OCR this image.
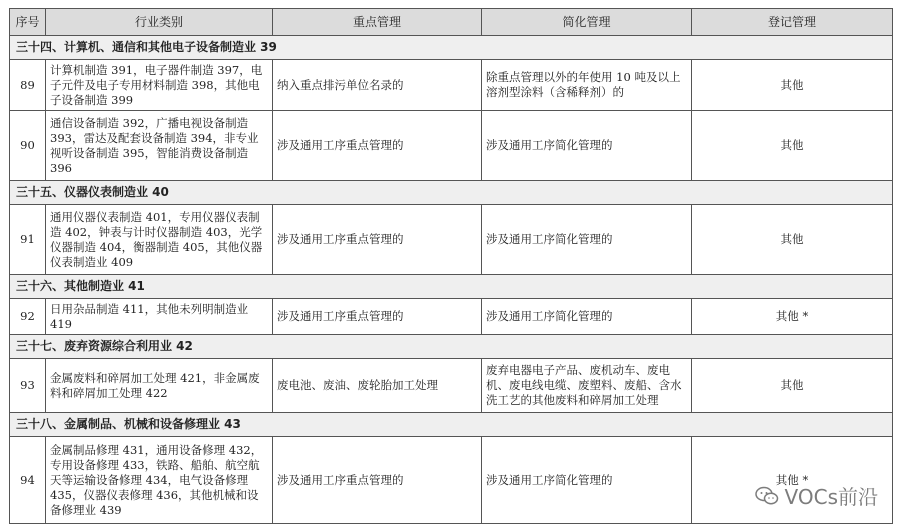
序号	行业类别	重点管理	简化管理	登记管理
三十四、计算机、通信和其他电子设备制造业 39				
89	计算机制造 391，电子器件制造 397，电子元件及电子专用材料制造 398，其他电子设备制造 399	纳入重点排污单位名录的	除重点管理以外的年使用 10 吨及以上溶剂型涂料（含稀释剂）的	其他
90	通信设备制造 392，广播电视设备制造 393，雷达及配套设备制造 394，非专业视听设备制造 395，智能消费设备制造 396	涉及通用工序重点管理的	涉及通用工序简化管理的	其他
三十五、仪器仪表制造业 40				
91	通用仪器仪表制造 401，专用仪器仪表制造 402，钟表与计时仪器制造 403，光学仪器制造 404，衡器制造 405，其他仪器仪表制造业 409	涉及通用工序重点管理的	涉及通用工序简化管理的	其他
三十六、其他制造业 41				
92	日用杂品制造 411，其他未列明制造业 419	涉及通用工序重点管理的	涉及通用工序简化管理的	其他 *
三十七、废弃资源综合利用业 42				
93	金属废料和碎屑加工处理 421，非金属废料和碎屑加工处理 422	废电池、废油、废轮胎加工处理	废弃电器电子产品、废机动车、废电机、废电线电缆、废塑料、废船、含水洗工艺的其他废料和碎屑加工处理	其他
三十八、金属制品、机械和设备修理业 43				
94	金属制品修理 431，通用设备修理 432，专用设备修理 433，铁路、船舶、航空航天等运输设备修理 434，电气设备修理 435，仪器仪表修理 436，其他机械和设备修理业 439	涉及通用工序重点管理的	涉及通用工序简化管理的	其他 *
VOCs前沿
